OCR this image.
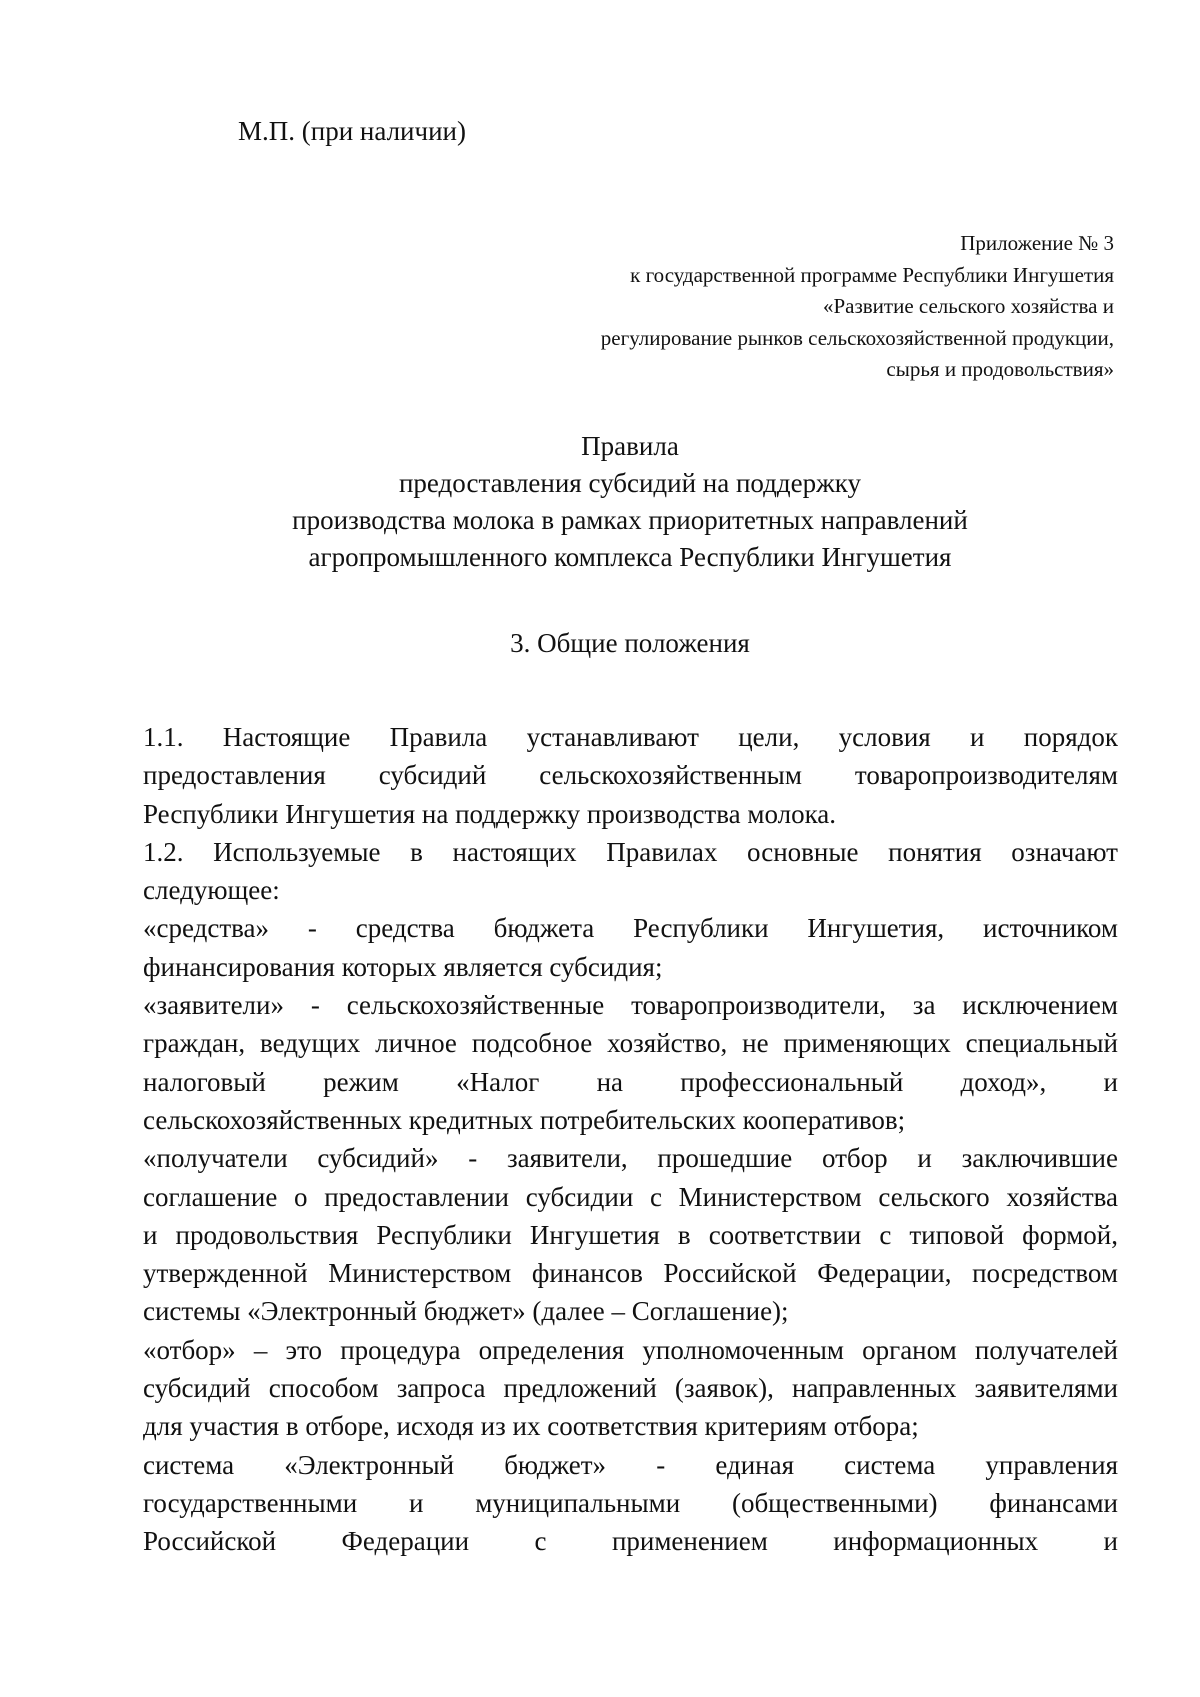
М.П. (при наличии)
Приложение № 3
к государственной программе Республики Ингушетия
«Развитие сельского хозяйства и
регулирование рынков сельскохозяйственной продукции,
сырья и продовольствия»
Правила
предоставления субсидий на поддержку
производства молока в рамках приоритетных направлений
агропромышленного комплекса Республики Ингушетия
3. Общие положения
1.1. Настоящие Правила устанавливают цели, условия и порядок
предоставления субсидий сельскохозяйственным товаропроизводителям
Республики Ингушетия на поддержку производства молока.
1.2. Используемые в настоящих Правилах основные понятия означают
следующее:
«средства» - средства бюджета Республики Ингушетия, источником
финансирования которых является субсидия;
«заявители» - сельскохозяйственные товаропроизводители, за исключением
граждан, ведущих личное подсобное хозяйство, не применяющих специальный
налоговый режим «Налог на профессиональный доход», и
сельскохозяйственных кредитных потребительских кооперативов;
«получатели субсидий» - заявители, прошедшие отбор и заключившие
соглашение о предоставлении субсидии с Министерством сельского хозяйства
и продовольствия Республики Ингушетия в соответствии с типовой формой,
утвержденной Министерством финансов Российской Федерации, посредством
системы «Электронный бюджет» (далее – Соглашение);
«отбор» – это процедура определения уполномоченным органом получателей
субсидий способом запроса предложений (заявок), направленных заявителями
для участия в отборе, исходя из их соответствия критериям отбора;
система «Электронный бюджет» - единая система управления
государственными и муниципальными (общественными) финансами
Российской Федерации с применением информационных и
